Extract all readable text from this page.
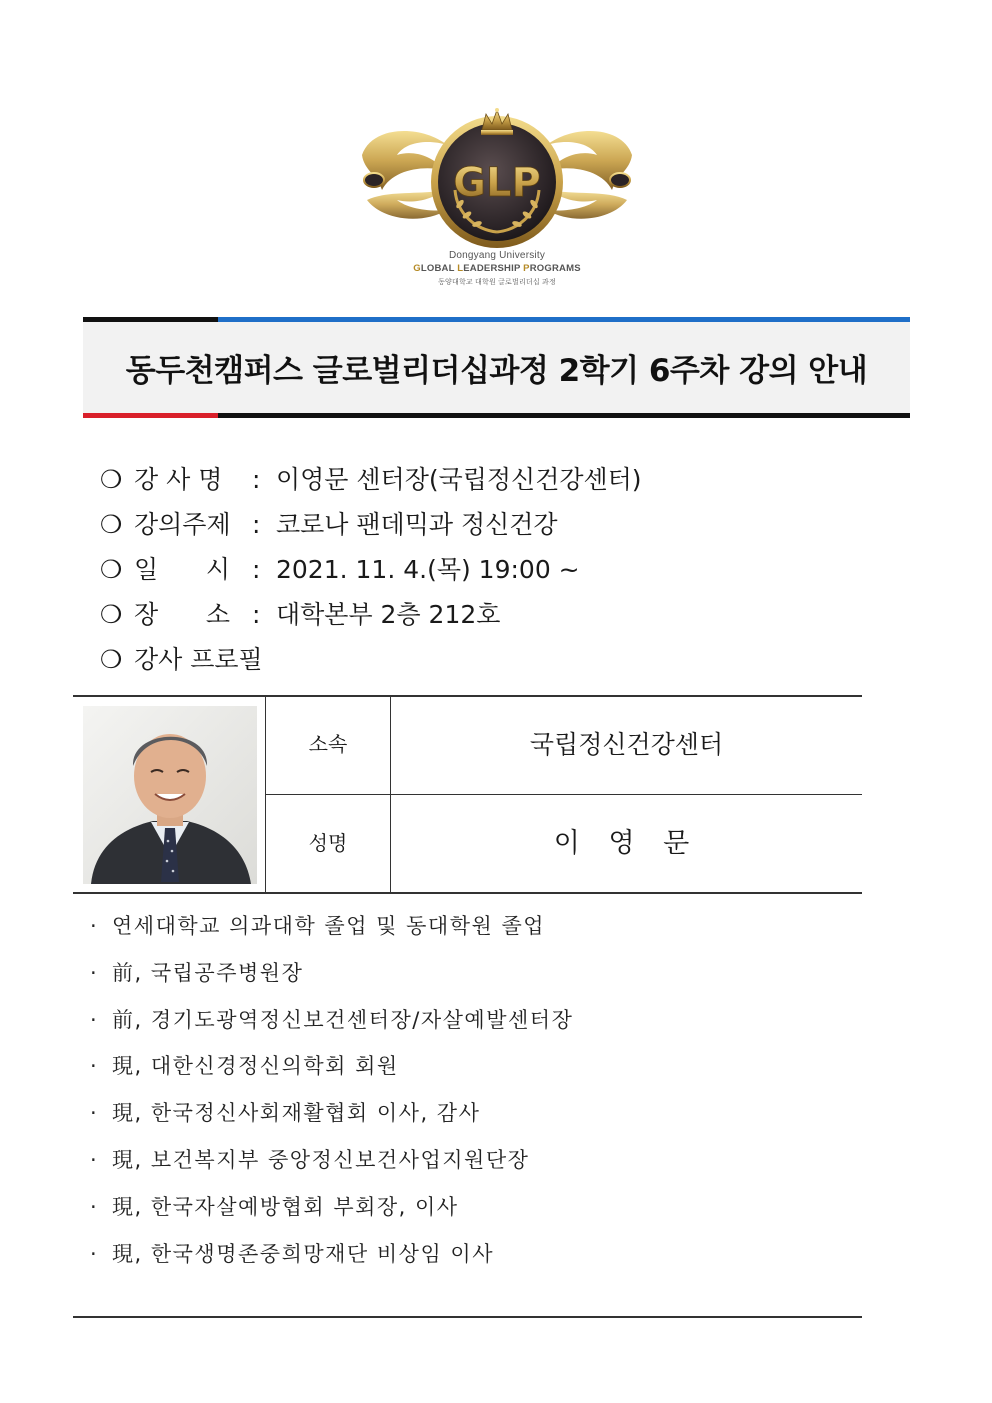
GLP
Dongyang University
GLOBAL LEADERSHIP PROGRAMS
동양대학교 대학원 글로벌리더십 과정
동두천캠퍼스 글로벌리더십과정 2학기 6주차 강의 안내
❍ 강 사 명 : 이영문 센터장(국립정신건강센터)
❍ 강의주제 : 코로나 팬데믹과 정신건강
❍ 일      시 : 2021. 11. 4.(목) 19:00 ~
❍ 장      소 : 대학본부 2층 212호
❍ 강사 프로필
소속	국립정신건강센터
성명	이 영 문
· 연세대학교 의과대학 졸업 및 동대학원 졸업
· 前, 국립공주병원장
· 前, 경기도광역정신보건센터장/자살예발센터장
· 現, 대한신경정신의학회 회원
· 現, 한국정신사회재활협회 이사, 감사
· 現, 보건복지부 중앙정신보건사업지원단장
· 現, 한국자살예방협회 부회장, 이사
· 現, 한국생명존중희망재단 비상임 이사
